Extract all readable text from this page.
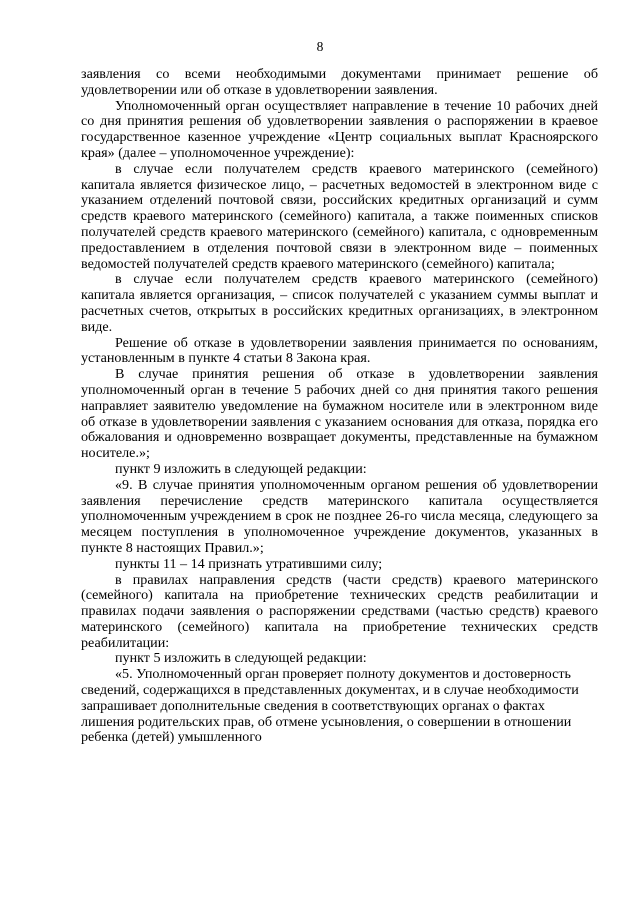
8

заявления со всеми необходимыми документами принимает решение об удовлетворении или об отказе в удовлетворении заявления.

Уполномоченный орган осуществляет направление в течение 10 рабочих дней со дня принятия решения об удовлетворении заявления о распоряжении в краевое государственное казенное учреждение «Центр социальных выплат Красноярского края» (далее – уполномоченное учреждение):

в случае если получателем средств краевого материнского (семейного) капитала является физическое лицо, – расчетных ведомостей в электронном виде с указанием отделений почтовой связи, российских кредитных организаций и сумм средств краевого материнского (семейного) капитала, а также поименных списков получателей средств краевого материнского (семейного) капитала, с одновременным предоставлением в отделения почтовой связи в электронном виде – поименных ведомостей получателей средств краевого материнского (семейного) капитала;

в случае если получателем средств краевого материнского (семейного) капитала является организация, – список получателей с указанием суммы выплат и расчетных счетов, открытых в российских кредитных организациях, в электронном виде.

Решение об отказе в удовлетворении заявления принимается по основаниям, установленным в пункте 4 статьи 8 Закона края.

В случае принятия решения об отказе в удовлетворении заявления уполномоченный орган в течение 5 рабочих дней со дня принятия такого решения направляет заявителю уведомление на бумажном носителе или в электронном виде об отказе в удовлетворении заявления с указанием основания для отказа, порядка его обжалования и одновременно возвращает документы, представленные на бумажном носителе.»;

пункт 9 изложить в следующей редакции:

«9. В случае принятия уполномоченным органом решения об удовлетворении заявления перечисление средств материнского капитала осуществляется уполномоченным учреждением в срок не позднее 26-го числа месяца, следующего за месяцем поступления в уполномоченное учреждение документов, указанных в пункте 8 настоящих Правил.»;

пункты 11 – 14 признать утратившими силу;

в правилах направления средств (части средств) краевого материнского (семейного) капитала на приобретение технических средств реабилитации и правилах подачи заявления о распоряжении средствами (частью средств) краевого материнского (семейного) капитала на приобретение технических средств реабилитации:

пункт 5 изложить в следующей редакции:

«5. Уполномоченный орган проверяет полноту документов и достоверность сведений, содержащихся в представленных документах, и в случае необходимости запрашивает дополнительные сведения в соответствующих органах о фактах лишения родительских прав, об отмене усыновления, о совершении в отношении ребенка (детей) умышленного
